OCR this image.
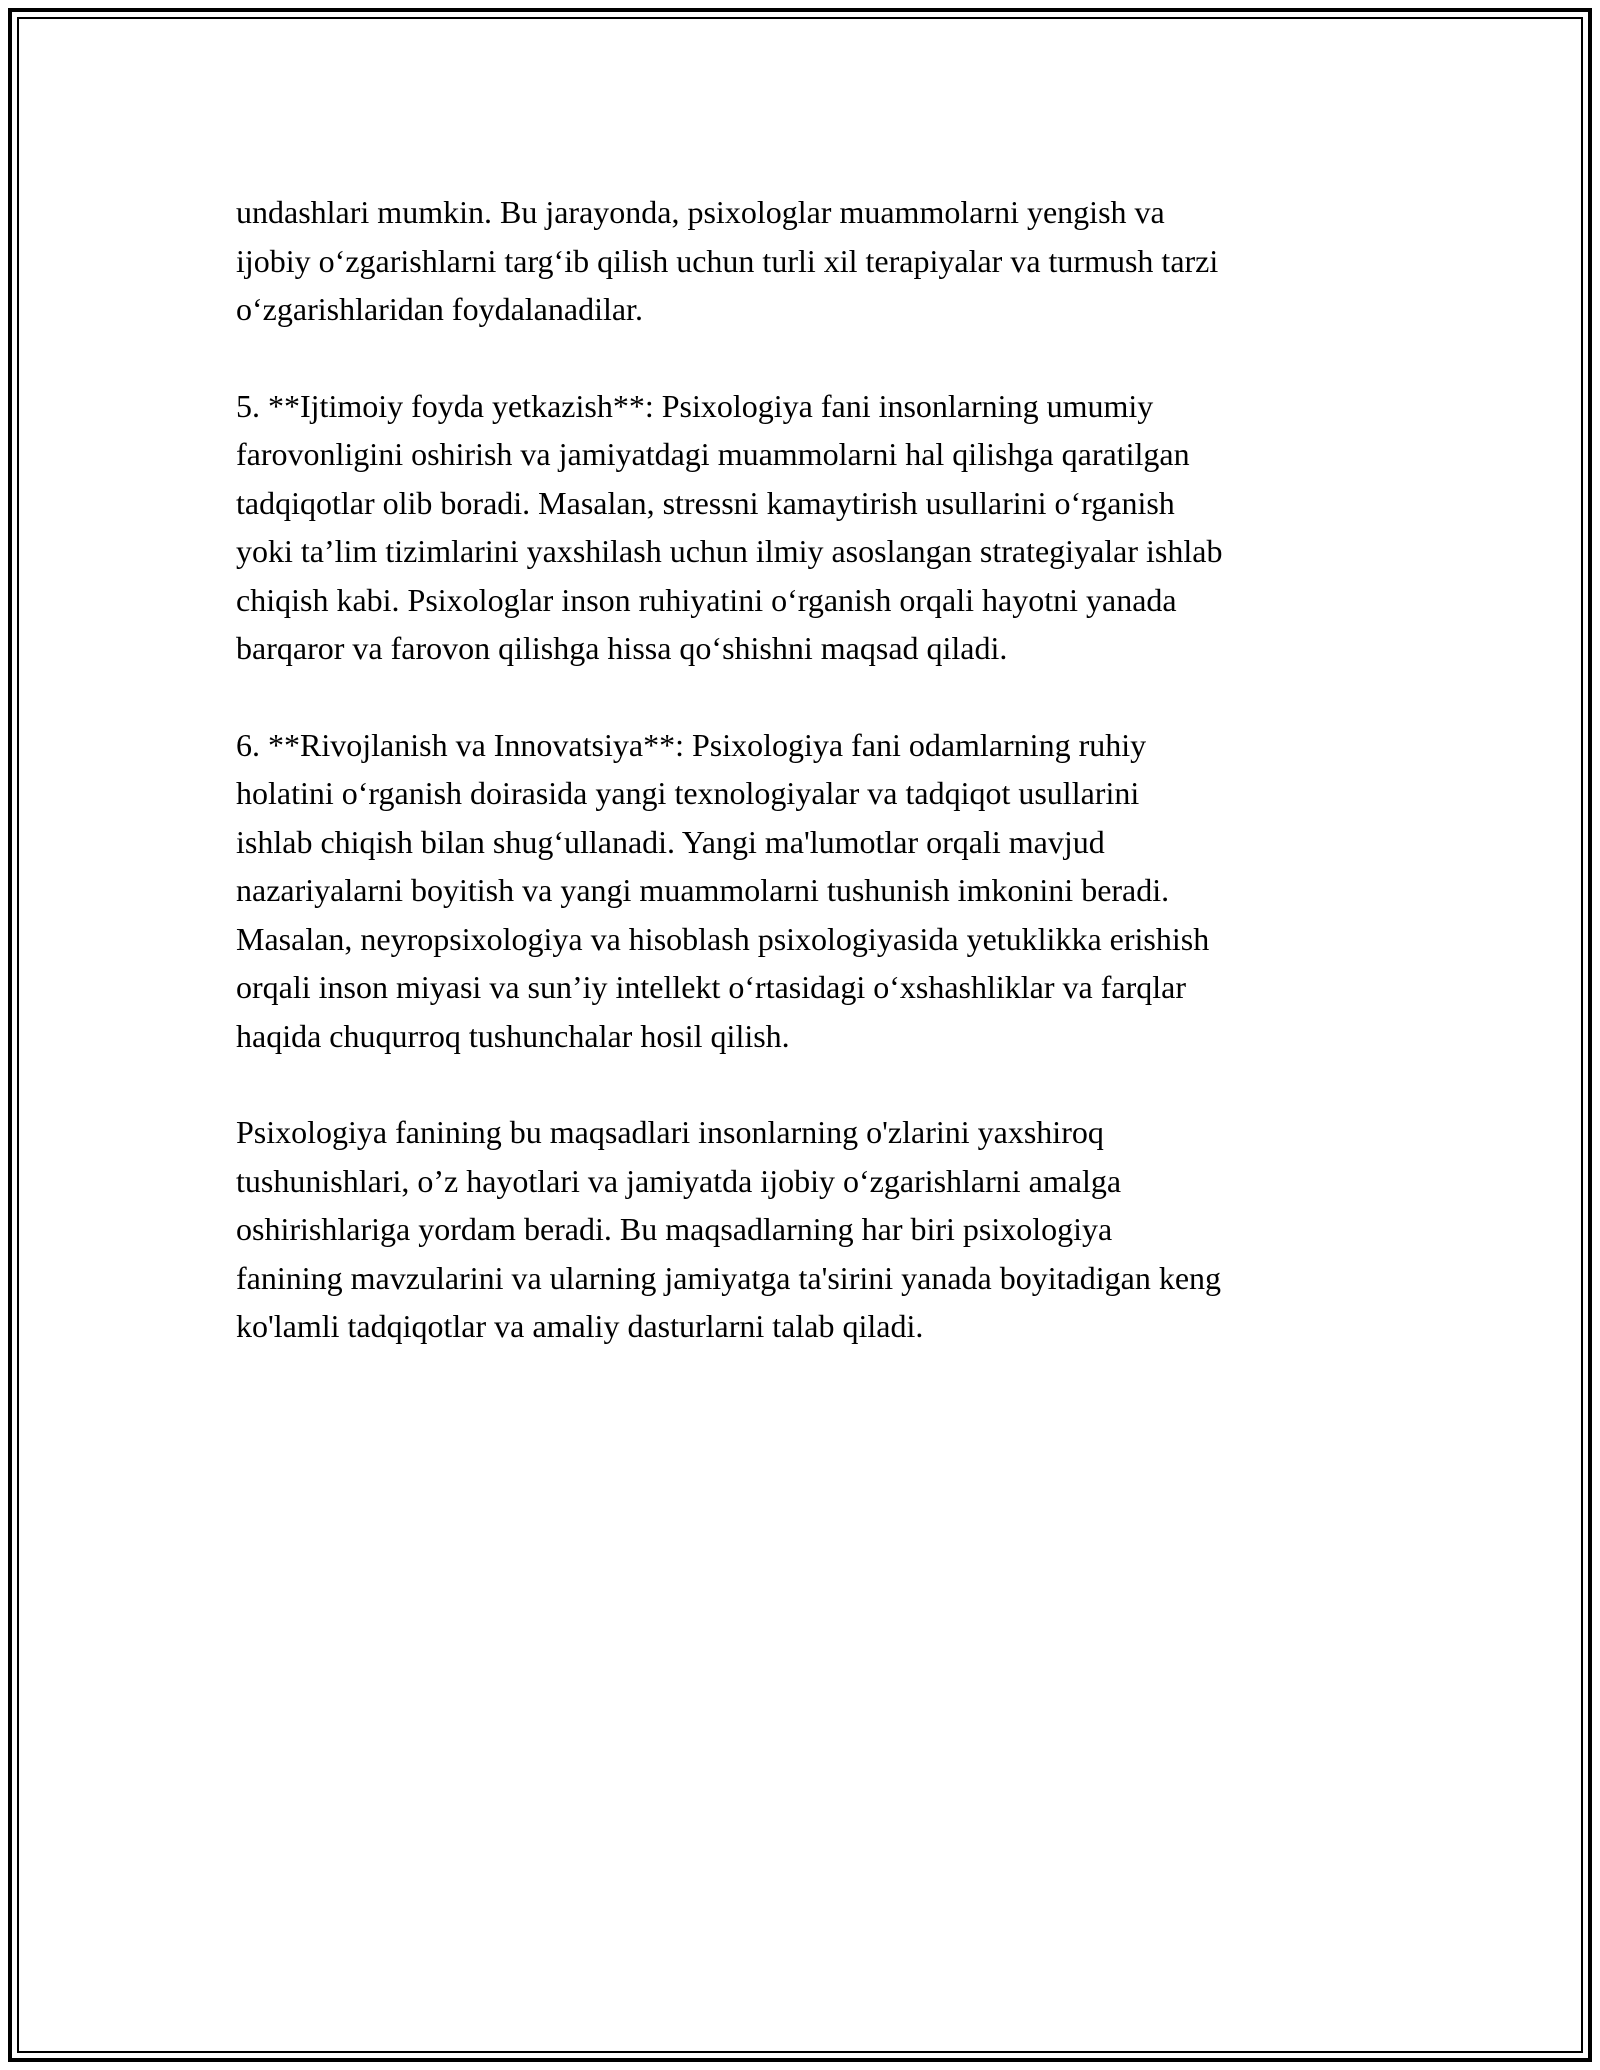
undashlari mumkin. Bu jarayonda, psixologlar muammolarni yengish va
ijobiy o‘zgarishlarni targ‘ib qilish uchun turli xil terapiyalar va turmush tarzi
o‘zgarishlaridan foydalanadilar.

5. **Ijtimoiy foyda yetkazish**: Psixologiya fani insonlarning umumiy
farovonligini oshirish va jamiyatdagi muammolarni hal qilishga qaratilgan
tadqiqotlar olib boradi. Masalan, stressni kamaytirish usullarini o‘rganish
yoki ta’lim tizimlarini yaxshilash uchun ilmiy asoslangan strategiyalar ishlab
chiqish kabi. Psixologlar inson ruhiyatini o‘rganish orqali hayotni yanada
barqaror va farovon qilishga hissa qo‘shishni maqsad qiladi.

6. **Rivojlanish va Innovatsiya**: Psixologiya fani odamlarning ruhiy
holatini o‘rganish doirasida yangi texnologiyalar va tadqiqot usullarini
ishlab chiqish bilan shug‘ullanadi. Yangi ma'lumotlar orqali mavjud
nazariyalarni boyitish va yangi muammolarni tushunish imkonini beradi.
Masalan, neyropsixologiya va hisoblash psixologiyasida yetuklikka erishish
orqali inson miyasi va sun’iy intellekt o‘rtasidagi o‘xshashliklar va farqlar
haqida chuqurroq tushunchalar hosil qilish.

Psixologiya fanining bu maqsadlari insonlarning o'zlarini yaxshiroq
tushunishlari, o’z hayotlari va jamiyatda ijobiy o‘zgarishlarni amalga
oshirishlariga yordam beradi. Bu maqsadlarning har biri psixologiya
fanining mavzularini va ularning jamiyatga ta'sirini yanada boyitadigan keng
ko'lamli tadqiqotlar va amaliy dasturlarni talab qiladi.
